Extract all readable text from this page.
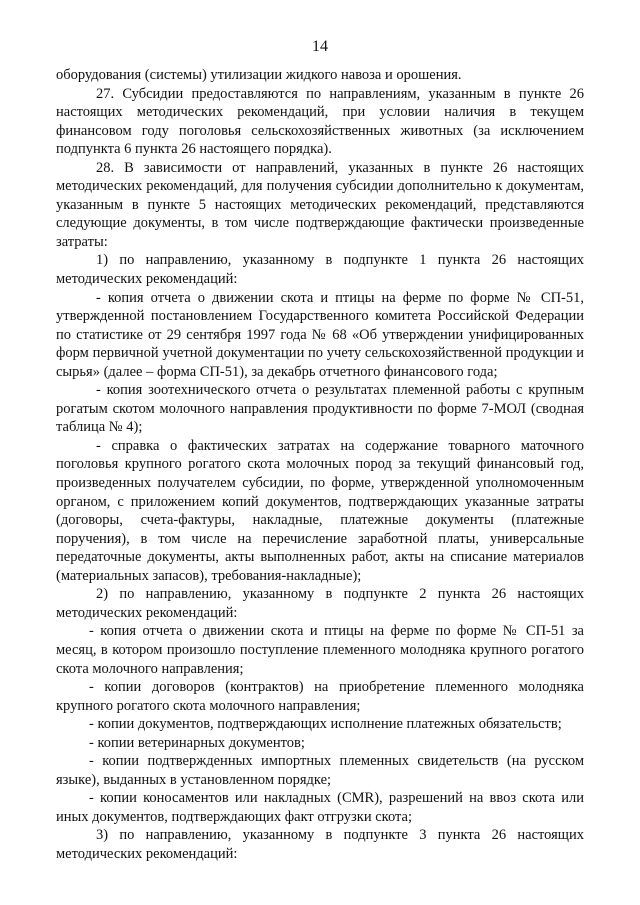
14

оборудования (системы) утилизации жидкого навоза и орошения.

27. Субсидии предоставляются по направлениям, указанным в пункте 26 настоящих методических рекомендаций, при условии наличия в текущем финансовом году поголовья сельскохозяйственных животных (за исключением подпункта 6 пункта 26 настоящего порядка).

28. В зависимости от направлений, указанных в пункте 26 настоящих методических рекомендаций, для получения субсидии дополнительно к документам, указанным в пункте 5 настоящих методических рекомендаций, представляются следующие документы, в том числе подтверждающие фактически произведенные затраты:

1) по направлению, указанному в подпункте 1 пункта 26 настоящих методических рекомендаций:

- копия отчета о движении скота и птицы на ферме по форме № СП-51, утвержденной постановлением Государственного комитета Российской Федерации по статистике от 29 сентября 1997 года № 68 «Об утверждении унифицированных форм первичной учетной документации по учету сельскохозяйственной продукции и сырья» (далее – форма СП-51), за декабрь отчетного финансового года;

- копия зоотехнического отчета о результатах племенной работы с крупным рогатым скотом молочного направления продуктивности по форме 7-МОЛ (сводная таблица № 4);

- справка о фактических затратах на содержание товарного маточного поголовья крупного рогатого скота молочных пород за текущий финансовый год, произведенных получателем субсидии, по форме, утвержденной уполномоченным органом, с приложением копий документов, подтверждающих указанные затраты (договоры, счета-фактуры, накладные, платежные документы (платежные поручения), в том числе на перечисление заработной платы, универсальные передаточные документы, акты выполненных работ, акты на списание материалов (материальных запасов), требования-накладные);

2) по направлению, указанному в подпункте 2 пункта 26 настоящих методических рекомендаций:

- копия отчета о движении скота и птицы на ферме по форме № СП-51 за месяц, в котором произошло поступление племенного молодняка крупного рогатого скота молочного направления;

- копии договоров (контрактов) на приобретение племенного молодняка крупного рогатого скота молочного направления;

- копии документов, подтверждающих исполнение платежных обязательств;

- копии ветеринарных документов;

- копии подтвержденных импортных племенных свидетельств (на русском языке), выданных в установленном порядке;

- копии коносаментов или накладных (CMR), разрешений на ввоз скота или иных документов, подтверждающих факт отгрузки скота;

3) по направлению, указанному в подпункте 3 пункта 26 настоящих методических рекомендаций:
